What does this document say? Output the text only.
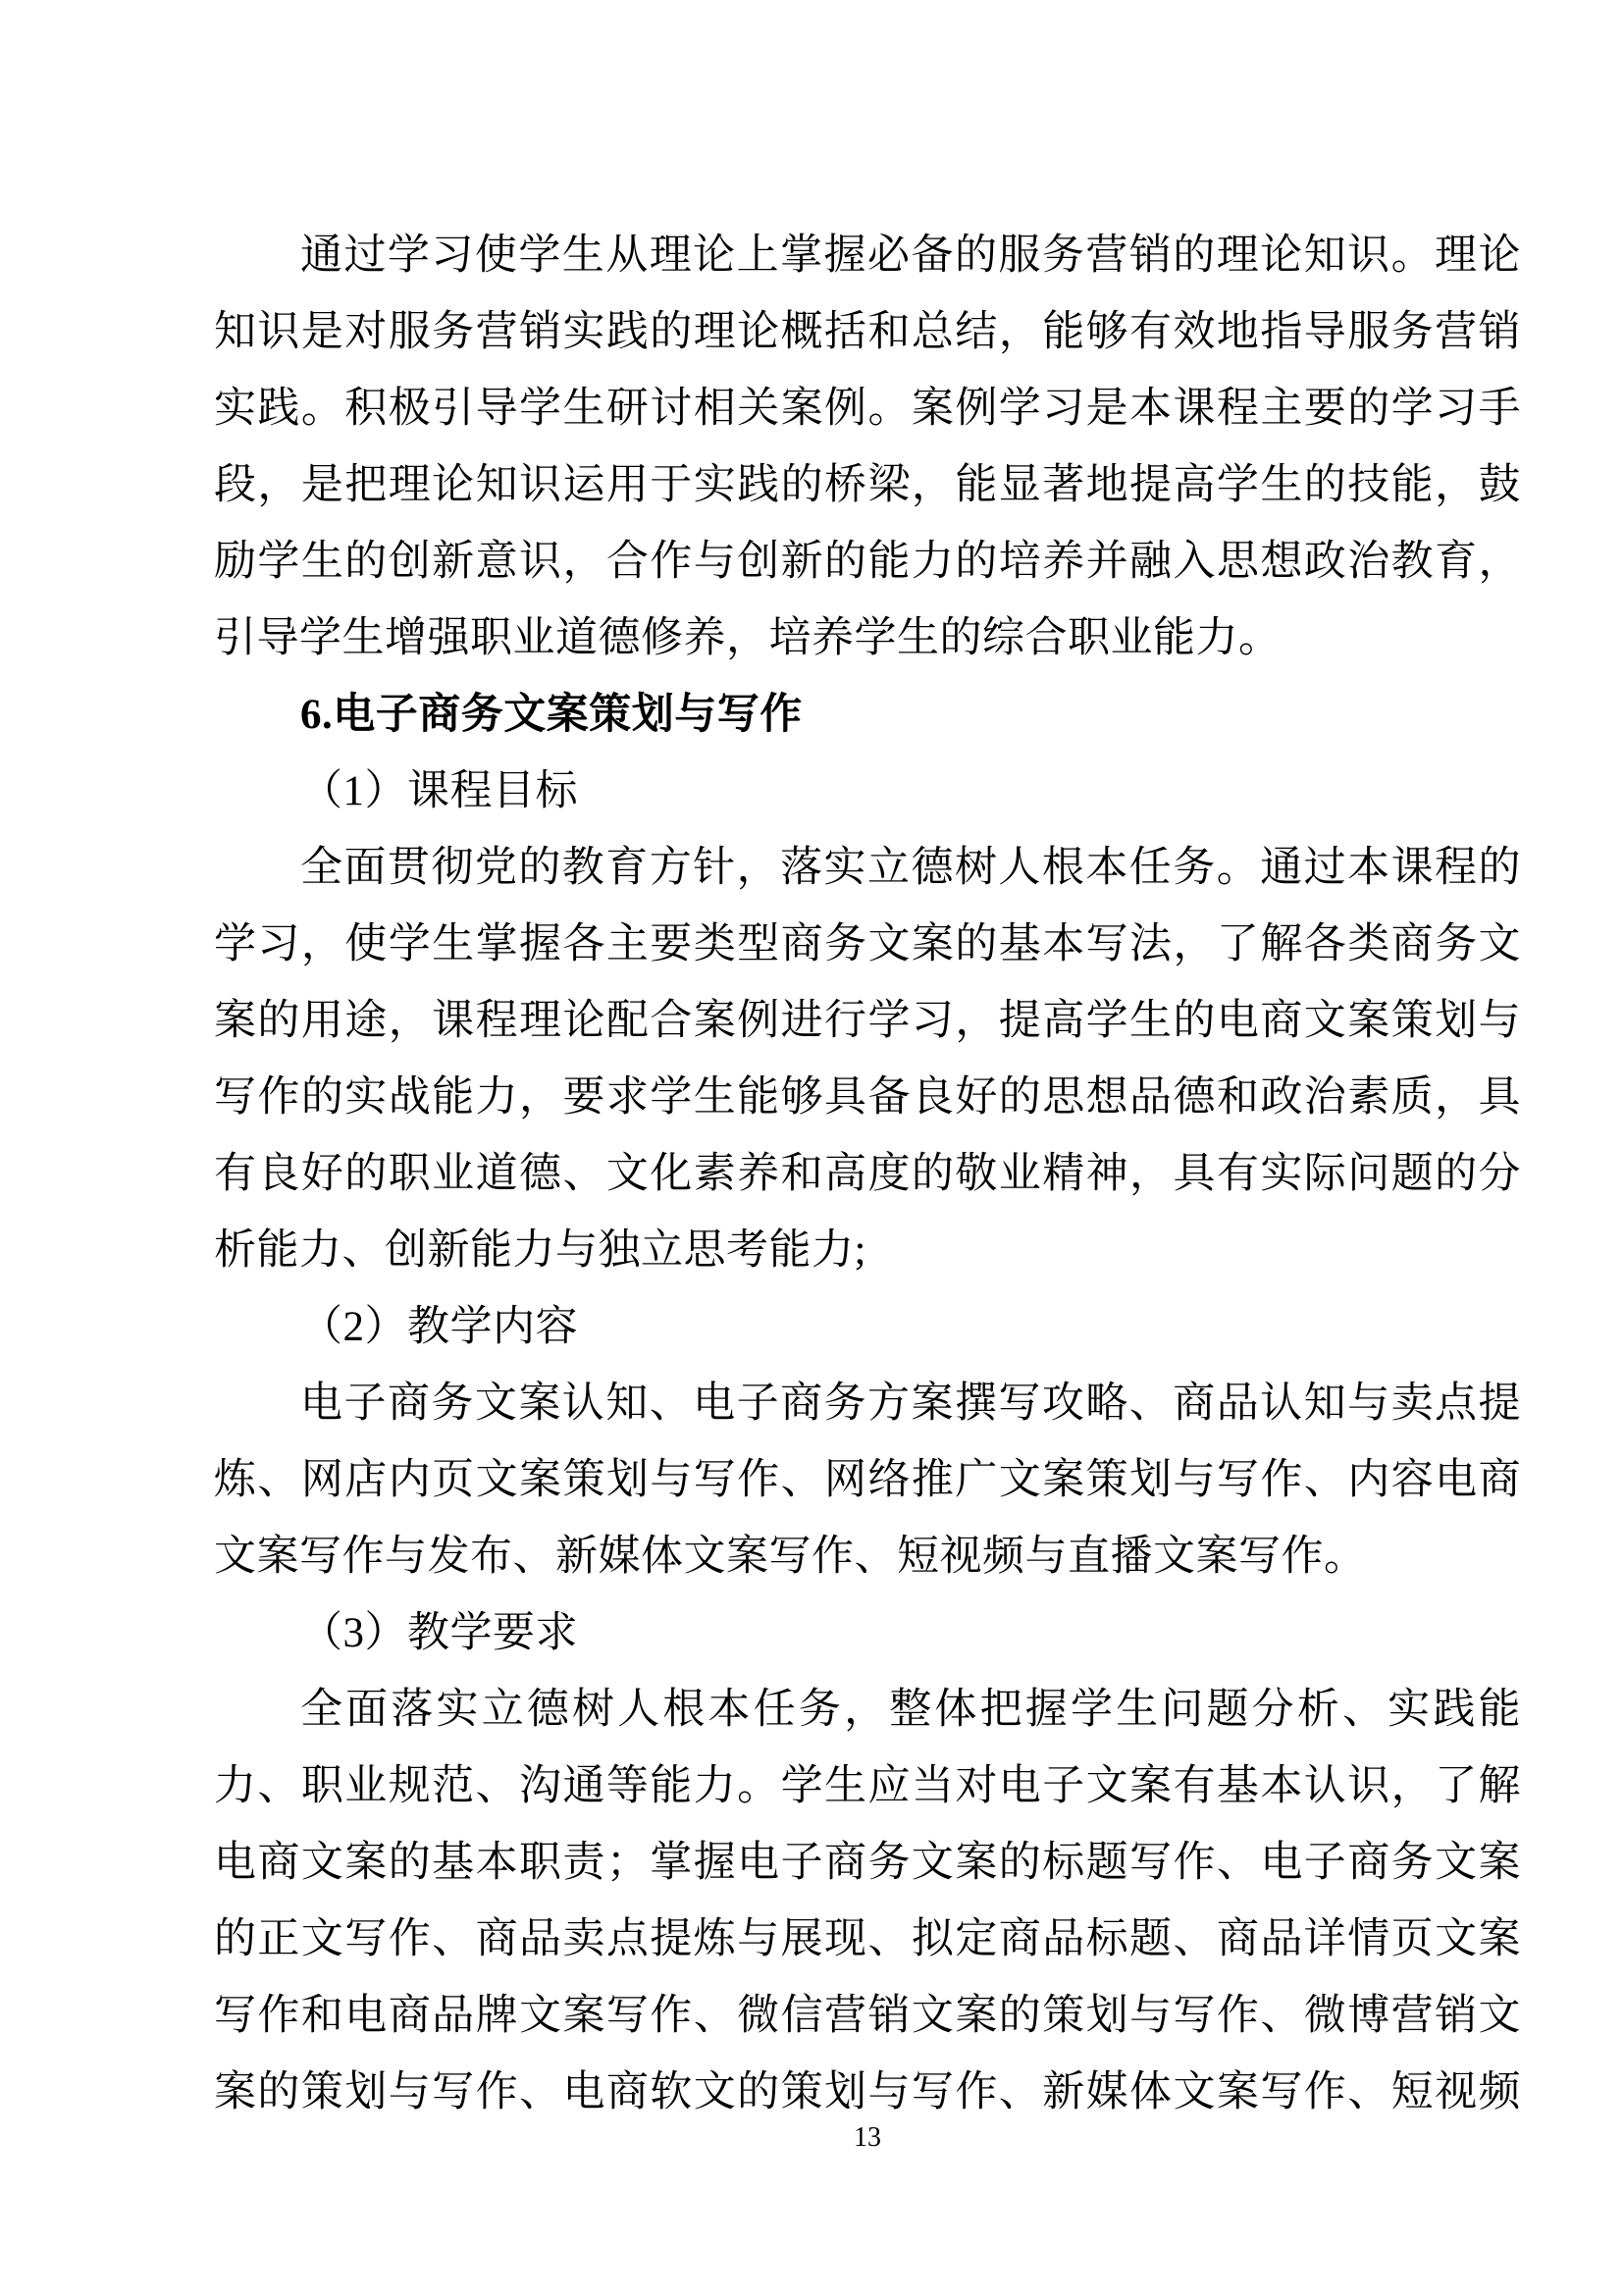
通过学习使学生从理论上掌握必备的服务营销的理论知识。理论
知识是对服务营销实践的理论概括和总结，能够有效地指导服务营销
实践。积极引导学生研讨相关案例。案例学习是本课程主要的学习手
段，是把理论知识运用于实践的桥梁，能显著地提高学生的技能，鼓
励学生的创新意识，合作与创新的能力的培养并融入思想政治教育，
引导学生增强职业道德修养，培养学生的综合职业能力。
6.电子商务文案策划与写作
（1）课程目标
全面贯彻党的教育方针，落实立德树人根本任务。通过本课程的
学习，使学生掌握各主要类型商务文案的基本写法，了解各类商务文
案的用途，课程理论配合案例进行学习，提高学生的电商文案策划与
写作的实战能力，要求学生能够具备良好的思想品德和政治素质，具
有良好的职业道德、文化素养和高度的敬业精神，具有实际问题的分
析能力、创新能力与独立思考能力;
（2）教学内容
电子商务文案认知、电子商务方案撰写攻略、商品认知与卖点提
炼、网店内页文案策划与写作、网络推广文案策划与写作、内容电商
文案写作与发布、新媒体文案写作、短视频与直播文案写作。
（3）教学要求
全面落实立德树人根本任务，整体把握学生问题分析、实践能
力、职业规范、沟通等能力。学生应当对电子文案有基本认识，了解
电商文案的基本职责；掌握电子商务文案的标题写作、电子商务文案
的正文写作、商品卖点提炼与展现、拟定商品标题、商品详情页文案
写作和电商品牌文案写作、微信营销文案的策划与写作、微博营销文
案的策划与写作、电商软文的策划与写作、新媒体文案写作、短视频
13
